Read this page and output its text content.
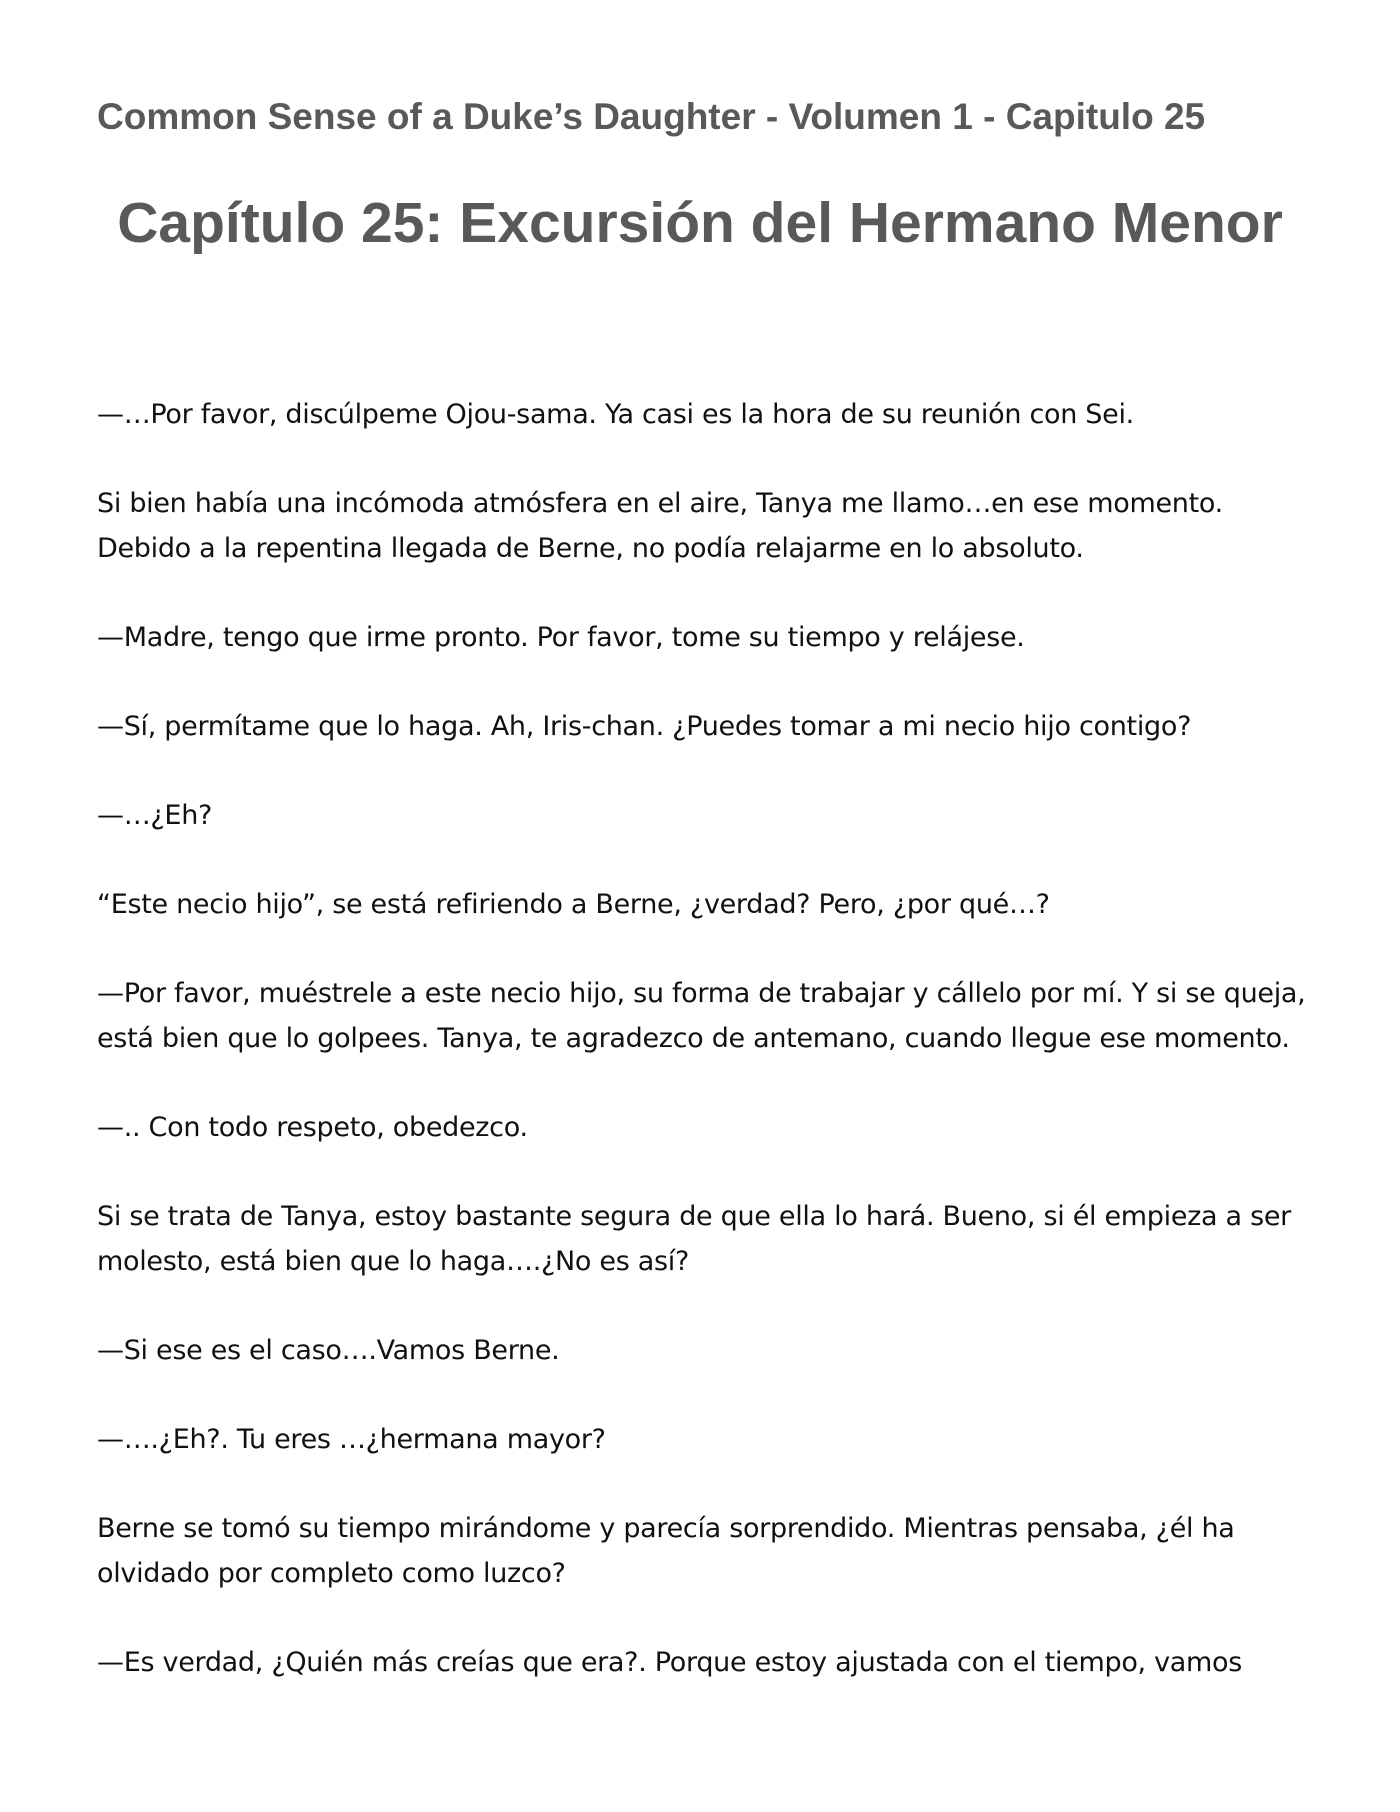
Common Sense of a Duke’s Daughter - Volumen 1 - Capitulo 25
Capítulo 25: Excursión del Hermano Menor

—…Por favor, discúlpeme Ojou-sama. Ya casi es la hora de su reunión con Sei.

Si bien había una incómoda atmósfera en el aire, Tanya me llamo…en ese momento. Debido a la repentina llegada de Berne, no podía relajarme en lo absoluto.

—Madre, tengo que irme pronto. Por favor, tome su tiempo y relájese.

—Sí, permítame que lo haga. Ah, Iris-chan. ¿Puedes tomar a mi necio hijo contigo?

—…¿Eh?

“Este necio hijo”, se está refiriendo a Berne, ¿verdad? Pero, ¿por qué…?

—Por favor, muéstrele a este necio hijo, su forma de trabajar y cállelo por mí. Y si se queja, está bien que lo golpees. Tanya, te agradezco de antemano, cuando llegue ese momento.

—.. Con todo respeto, obedezco.

Si se trata de Tanya, estoy bastante segura de que ella lo hará. Bueno, si él empieza a ser molesto, está bien que lo haga….¿No es así?

—Si ese es el caso….Vamos Berne.

—….¿Eh?. Tu eres …¿hermana mayor?

Berne se tomó su tiempo mirándome y parecía sorprendido. Mientras pensaba, ¿él ha olvidado por completo como luzco?

—Es verdad, ¿Quién más creías que era?. Porque estoy ajustada con el tiempo, vamos
